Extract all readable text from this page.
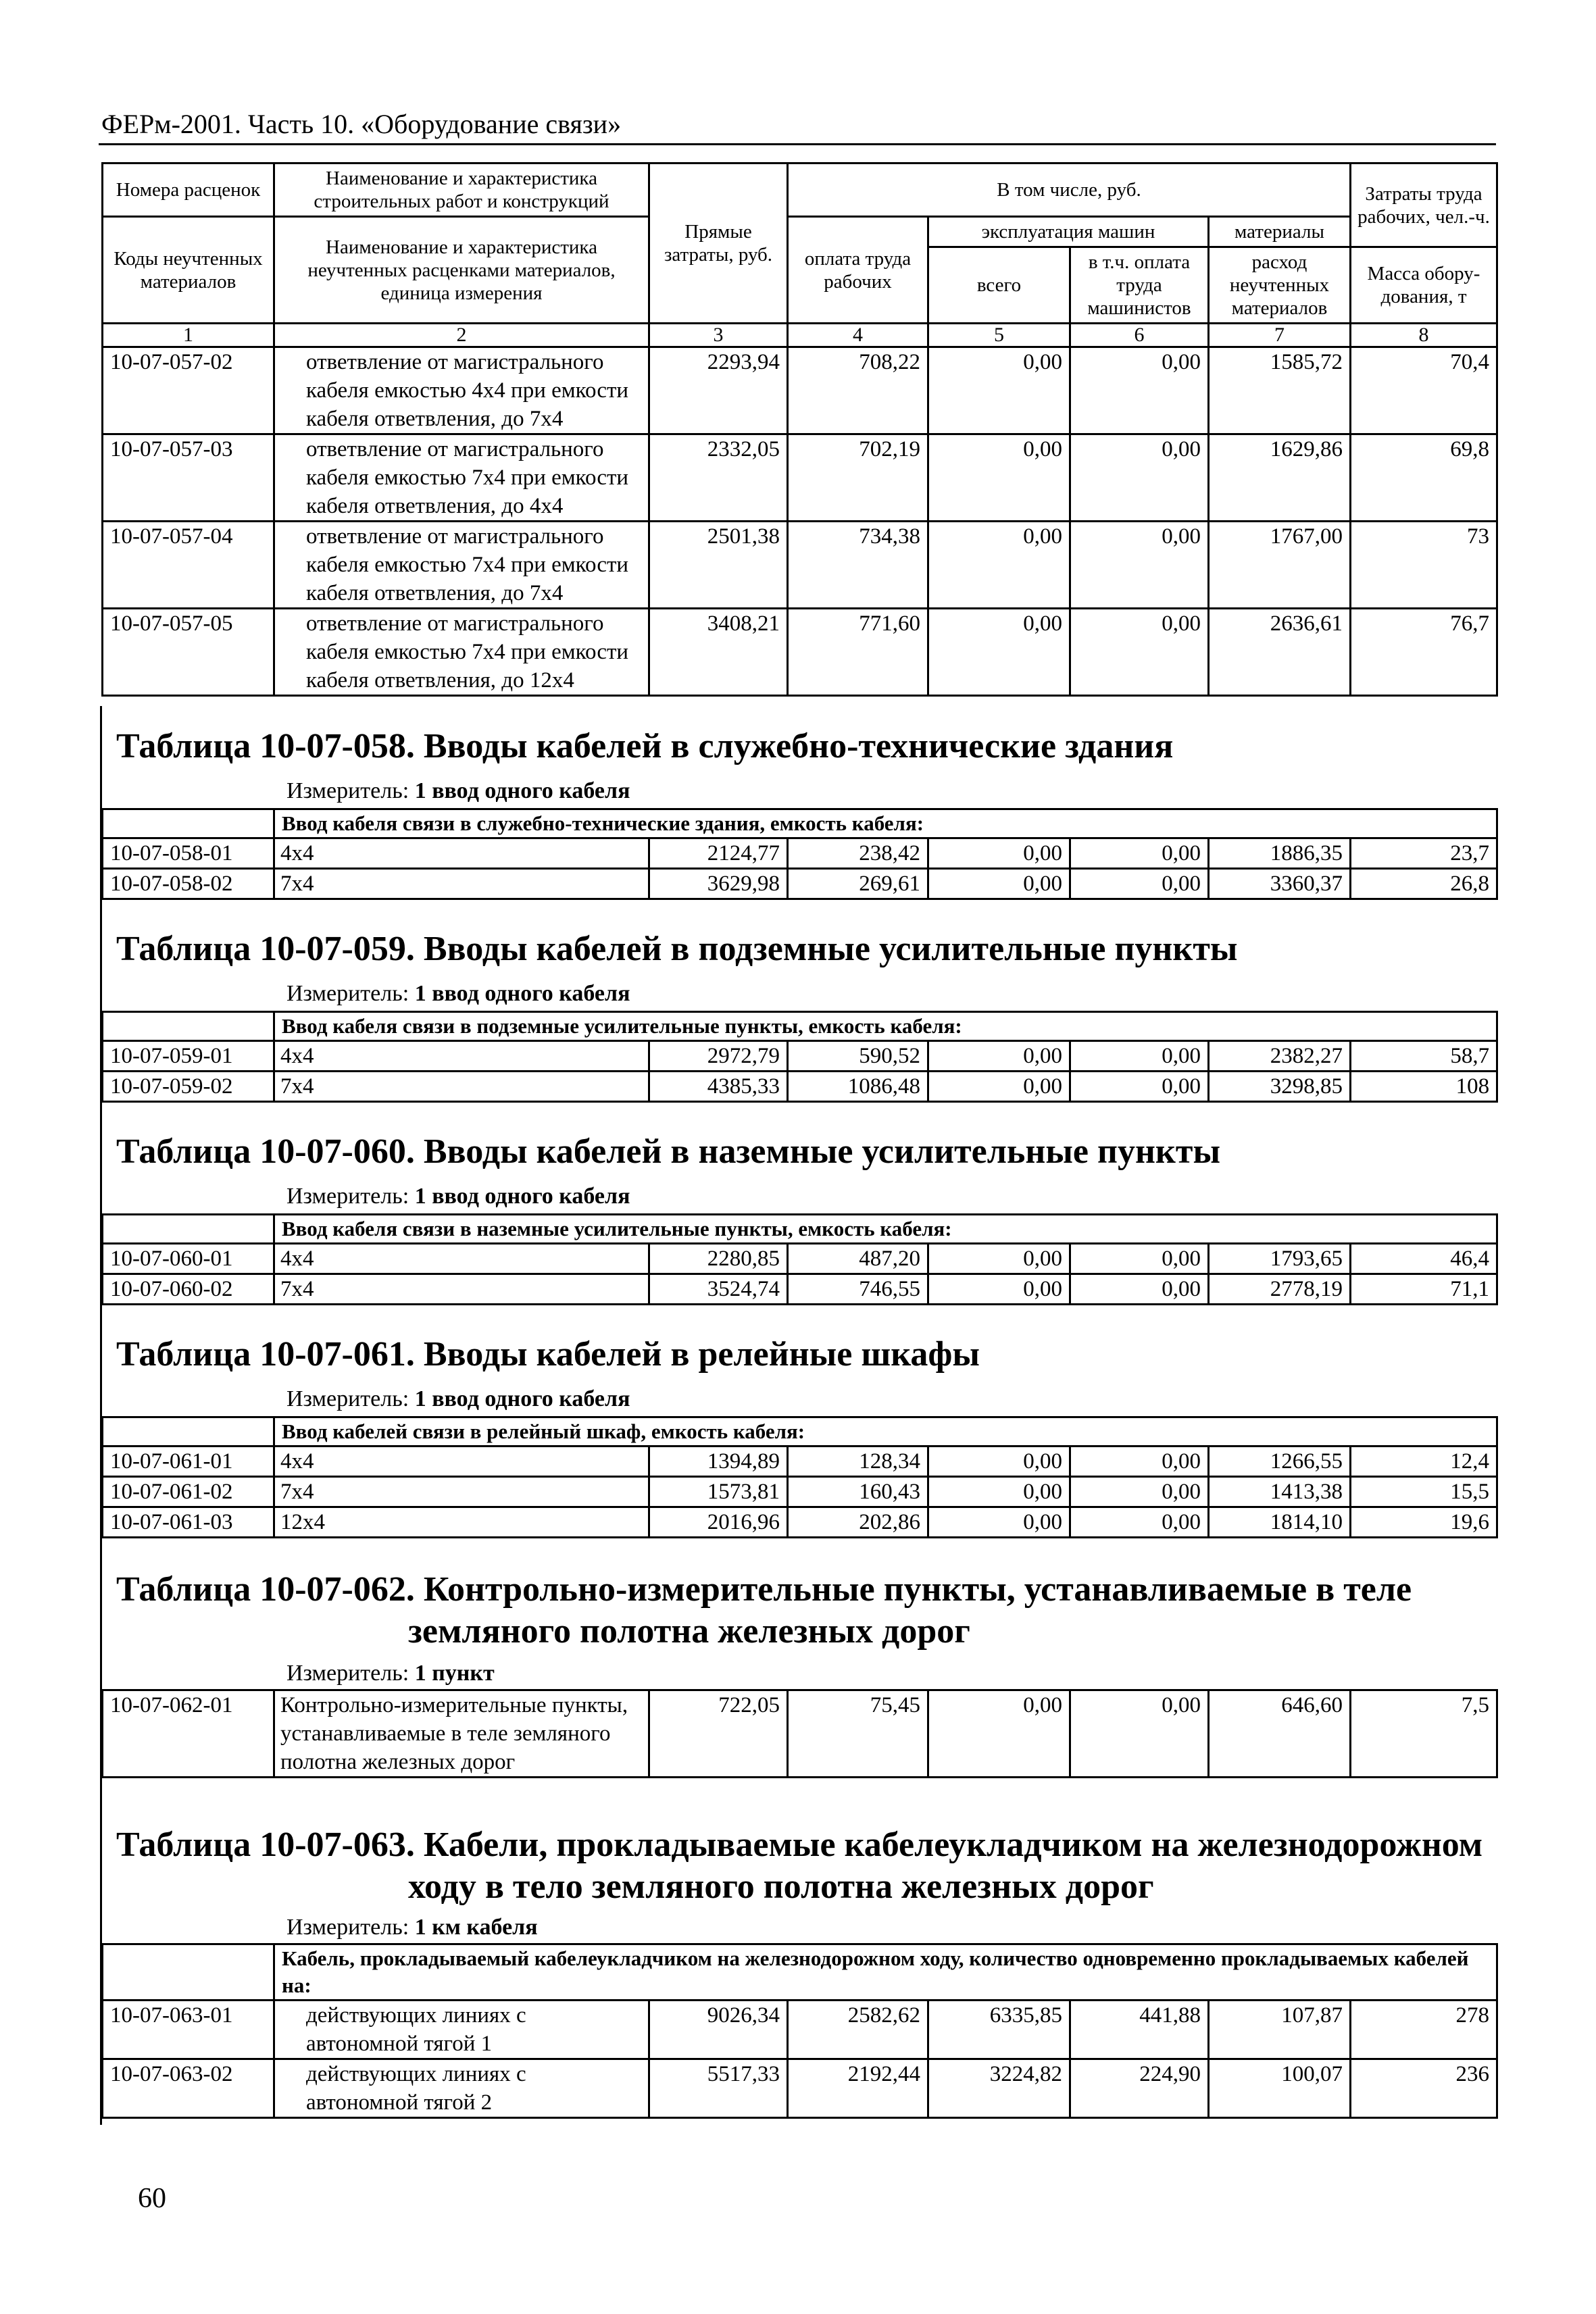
ФЕРм-2001. Часть 10. «Оборудование связи»
Номера расценок	Наименование и характеристика строительных работ и конструкций	Прямые затраты, руб.	В том числе, руб.				Затраты труда рабочих, чел.-ч.
Коды неучтенных материалов	Наименование и характеристика неучтенных расценками материалов, единица измерения		оплата труда рабочих	эксплуатация машин		материалы	
				всего	в т.ч. оплата труда машинистов	расход неучтенных материалов	
							Масса обору-дования, т
1	2	3	4	5	6	7	8
10-07-057-02	ответвление от магистрального кабеля емкостью 4х4 при емкости кабеля ответвления, до 7х4	2293,94	708,22	0,00	0,00	1585,72	70,4
10-07-057-03	ответвление от магистрального кабеля емкостью 7х4 при емкости кабеля ответвления, до 4х4	2332,05	702,19	0,00	0,00	1629,86	69,8
10-07-057-04	ответвление от магистрального кабеля емкостью 7х4 при емкости кабеля ответвления, до 7х4	2501,38	734,38	0,00	0,00	1767,00	73
10-07-057-05	ответвление от магистрального кабеля емкостью 7х4 при емкости кабеля ответвления, до 12х4	3408,21	771,60	0,00	0,00	2636,61	76,7
Таблица 10-07-058. Вводы кабелей в служебно-технические здания
Измеритель: 1 ввод одного кабеля
	Ввод кабеля связи в служебно-технические здания, емкость кабеля:						
10-07-058-01	4х4	2124,77	238,42	0,00	0,00	1886,35	23,7
10-07-058-02	7х4	3629,98	269,61	0,00	0,00	3360,37	26,8
Таблица 10-07-059. Вводы кабелей в подземные усилительные пункты
Измеритель: 1 ввод одного кабеля
	Ввод кабеля связи в подземные усилительные пункты, емкость кабеля:						
10-07-059-01	4х4	2972,79	590,52	0,00	0,00	2382,27	58,7
10-07-059-02	7х4	4385,33	1086,48	0,00	0,00	3298,85	108
Таблица 10-07-060. Вводы кабелей в наземные усилительные пункты
Измеритель: 1 ввод одного кабеля
	Ввод кабеля связи в наземные усилительные пункты, емкость кабеля:						
10-07-060-01	4х4	2280,85	487,20	0,00	0,00	1793,65	46,4
10-07-060-02	7х4	3524,74	746,55	0,00	0,00	2778,19	71,1
Таблица 10-07-061. Вводы кабелей в релейные шкафы
Измеритель: 1 ввод одного кабеля
	Ввод кабелей связи в релейный шкаф, емкость кабеля:						
10-07-061-01	4х4	1394,89	128,34	0,00	0,00	1266,55	12,4
10-07-061-02	7х4	1573,81	160,43	0,00	0,00	1413,38	15,5
10-07-061-03	12х4	2016,96	202,86	0,00	0,00	1814,10	19,6
Таблица 10-07-062. Контрольно-измерительные пункты, устанавливаемые в теле
земляного полотна железных дорог
Измеритель: 1 пункт
10-07-062-01	Контрольно-измерительные пункты, устанавливаемые в теле земляного полотна железных дорог	722,05	75,45	0,00	0,00	646,60	7,5
Таблица 10-07-063. Кабели, прокладываемые кабелеукладчиком на железнодорожном
ходу в тело земляного полотна железных дорог
Измеритель: 1 км кабеля
	Кабель, прокладываемый кабелеукладчиком на железнодорожном ходу, количество одновременно прокладываемых кабелей на:						
10-07-063-01	действующих линиях с автономной тягой 1	9026,34	2582,62	6335,85	441,88	107,87	278
10-07-063-02	действующих линиях с автономной тягой 2	5517,33	2192,44	3224,82	224,90	100,07	236
60
